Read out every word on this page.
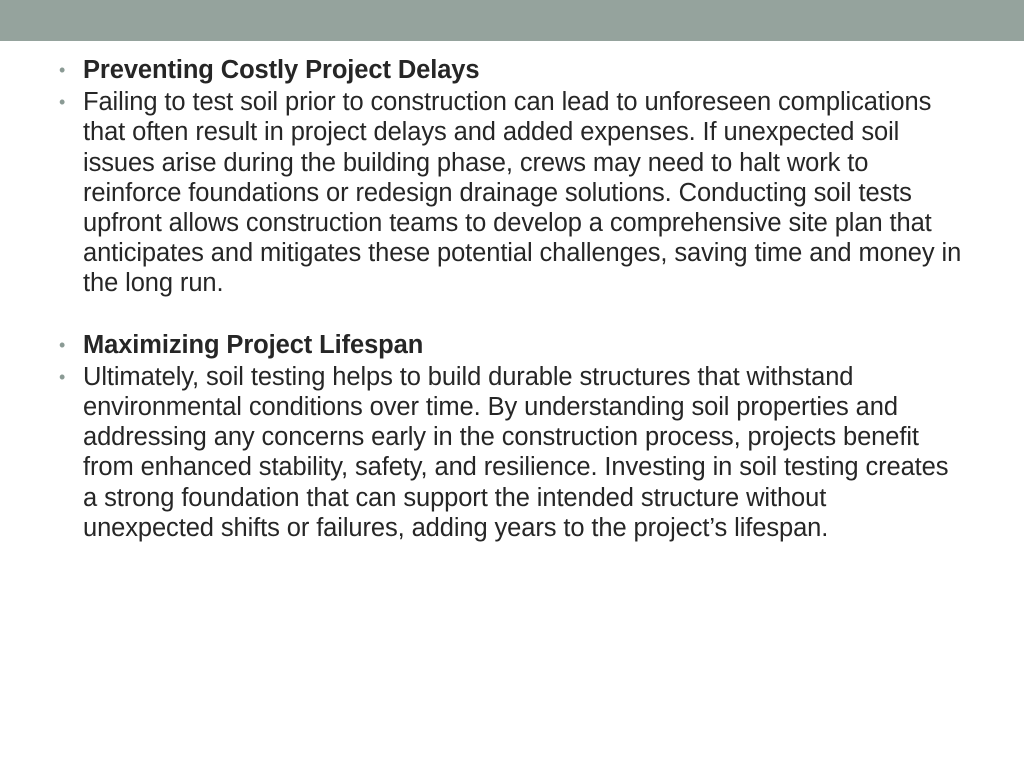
• Preventing Costly Project Delays
• Failing to test soil prior to construction can lead to unforeseen complications that often result in project delays and added expenses. If unexpected soil issues arise during the building phase, crews may need to halt work to reinforce foundations or redesign drainage solutions. Conducting soil tests upfront allows construction teams to develop a comprehensive site plan that anticipates and mitigates these potential challenges, saving time and money in the long run.
• Maximizing Project Lifespan
• Ultimately, soil testing helps to build durable structures that withstand environmental conditions over time. By understanding soil properties and addressing any concerns early in the construction process, projects benefit from enhanced stability, safety, and resilience. Investing in soil testing creates a strong foundation that can support the intended structure without unexpected shifts or failures, adding years to the project’s lifespan.
